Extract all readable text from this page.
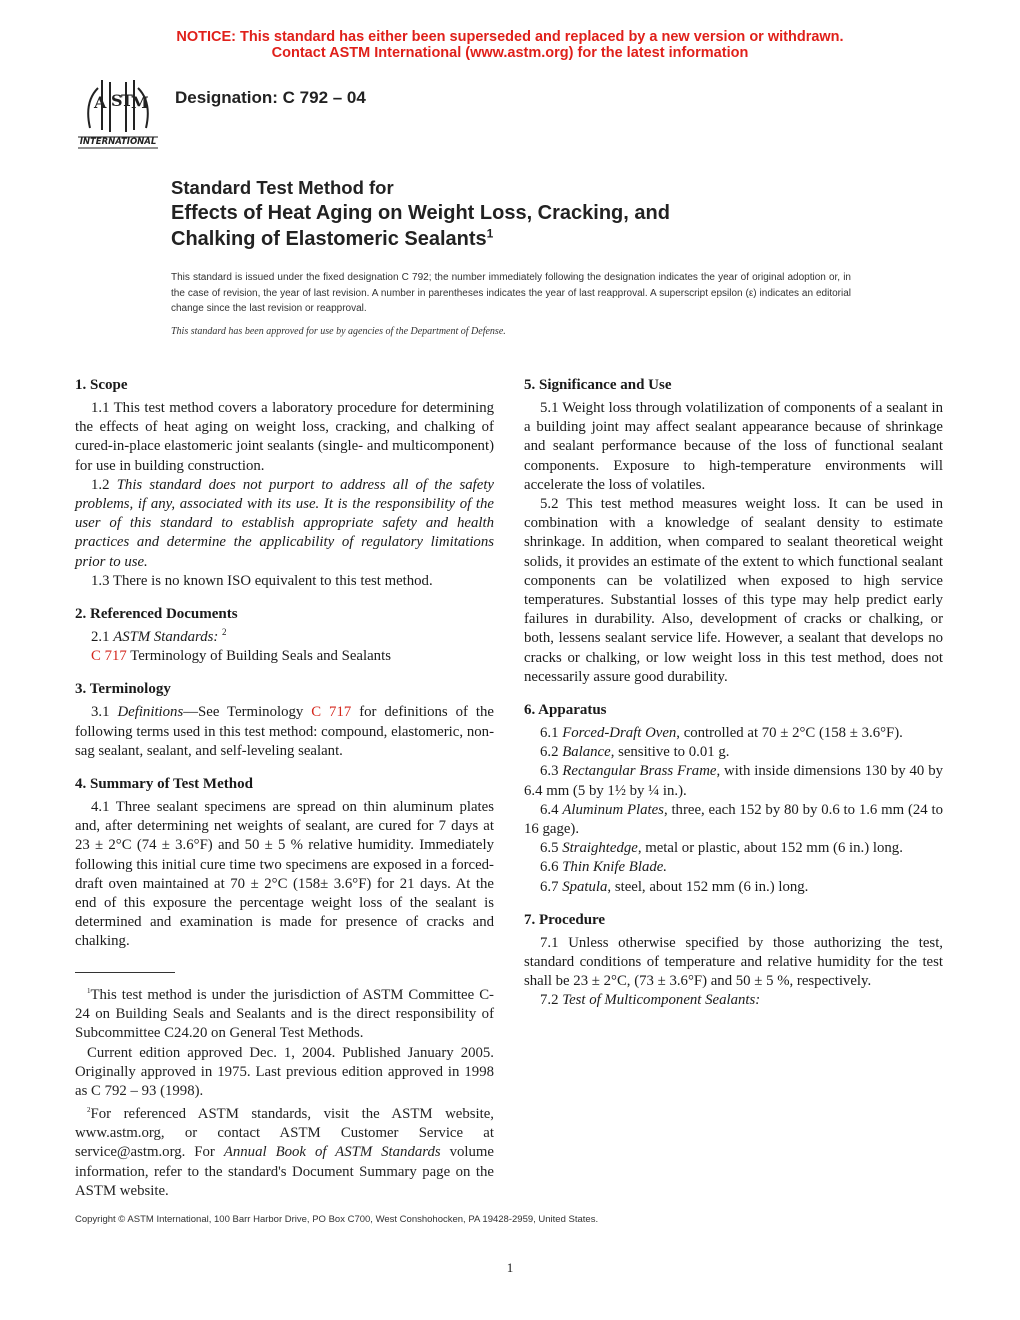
NOTICE: This standard has either been superseded and replaced by a new version or withdrawn.
Contact ASTM International (www.astm.org) for the latest information
A S
T
M
INTERNATIONAL
Designation: C 792 – 04
Standard Test Method for
Effects of Heat Aging on Weight Loss, Cracking, and
Chalking of Elastomeric Sealants$^1$
This standard is issued under the fixed designation C 792; the number immediately following the designation indicates the year of original adoption or, in the case of revision, the year of last revision. A number in parentheses indicates the year of last reapproval. A superscript epsilon (ε) indicates an editorial change since the last revision or reapproval.
This standard has been approved for use by agencies of the Department of Defense.
1. Scope

1.1 This test method covers a laboratory procedure for determining the effects of heat aging on weight loss, cracking, and chalking of cured-in-place elastomeric joint sealants (single- and multicomponent) for use in building construction.

1.2 This standard does not purport to address all of the safety problems, if any, associated with its use. It is the responsibility of the user of this standard to establish appropriate safety and health practices and determine the applicability of regulatory limitations prior to use.

1.3 There is no known ISO equivalent to this test method.

2. Referenced Documents

2.1 ASTM Standards: $^2$

C 717 Terminology of Building Seals and Sealants

3. Terminology

3.1 Definitions—See Terminology C 717 for definitions of the following terms used in this test method: compound, elastomeric, non-sag sealant, sealant, and self-leveling sealant.

4. Summary of Test Method

4.1 Three sealant specimens are spread on thin aluminum plates and, after determining net weights of sealant, are cured for 7 days at 23 ± 2°C (74 ± 3.6°F) and 50 ± 5 % relative humidity. Immediately following this initial cure time two specimens are exposed in a forced-draft oven maintained at 70 ± 2°C (158± 3.6°F) for 21 days. At the end of this exposure the percentage weight loss of the sealant is determined and examination is made for presence of cracks and chalking.

5. Significance and Use

5.1 Weight loss through volatilization of components of a sealant in a building joint may affect sealant appearance because of shrinkage and sealant performance because of the loss of functional sealant components. Exposure to high-temperature environments will accelerate the loss of volatiles.

5.2 This test method measures weight loss. It can be used in combination with a knowledge of sealant density to estimate shrinkage. In addition, when compared to sealant theoretical weight solids, it provides an estimate of the extent to which functional sealant components can be volatilized when exposed to high service temperatures. Substantial losses of this type may help predict early failures in durability. Also, development of cracks or chalking, or both, lessens sealant service life. However, a sealant that develops no cracks or chalking, or low weight loss in this test method, does not necessarily assure good durability.

6. Apparatus

6.1 Forced-Draft Oven, controlled at 70 ± 2°C (158 ± 3.6°F).

6.2 Balance, sensitive to 0.01 g.

6.3 Rectangular Brass Frame, with inside dimensions 130 by 40 by 6.4 mm (5 by 1½ by ¼ in.).

6.4 Aluminum Plates, three, each 152 by 80 by 0.6 to 1.6 mm (24 to 16 gage).

6.5 Straightedge, metal or plastic, about 152 mm (6 in.) long.

6.6 Thin Knife Blade.

6.7 Spatula, steel, about 152 mm (6 in.) long.

7. Procedure

7.1 Unless otherwise specified by those authorizing the test, standard conditions of temperature and relative humidity for the test shall be 23 ± 2°C, (73 ± 3.6°F) and 50 ± 5 %, respectively.

7.2 Test of Multicomponent Sealants:

$^1$This test method is under the jurisdiction of ASTM Committee C-24 on Building Seals and Sealants and is the direct responsibility of Subcommittee C24.20 on General Test Methods.

Current edition approved Dec. 1, 2004. Published January 2005. Originally approved in 1975. Last previous edition approved in 1998 as C 792 – 93 (1998).

$^2$For referenced ASTM standards, visit the ASTM website, www.astm.org, or contact ASTM Customer Service at service@astm.org. For Annual Book of ASTM Standards volume information, refer to the standard's Document Summary page on the ASTM website.

Copyright © ASTM International, 100 Barr Harbor Drive, PO Box C700, West Conshohocken, PA 19428-2959, United States.
1
